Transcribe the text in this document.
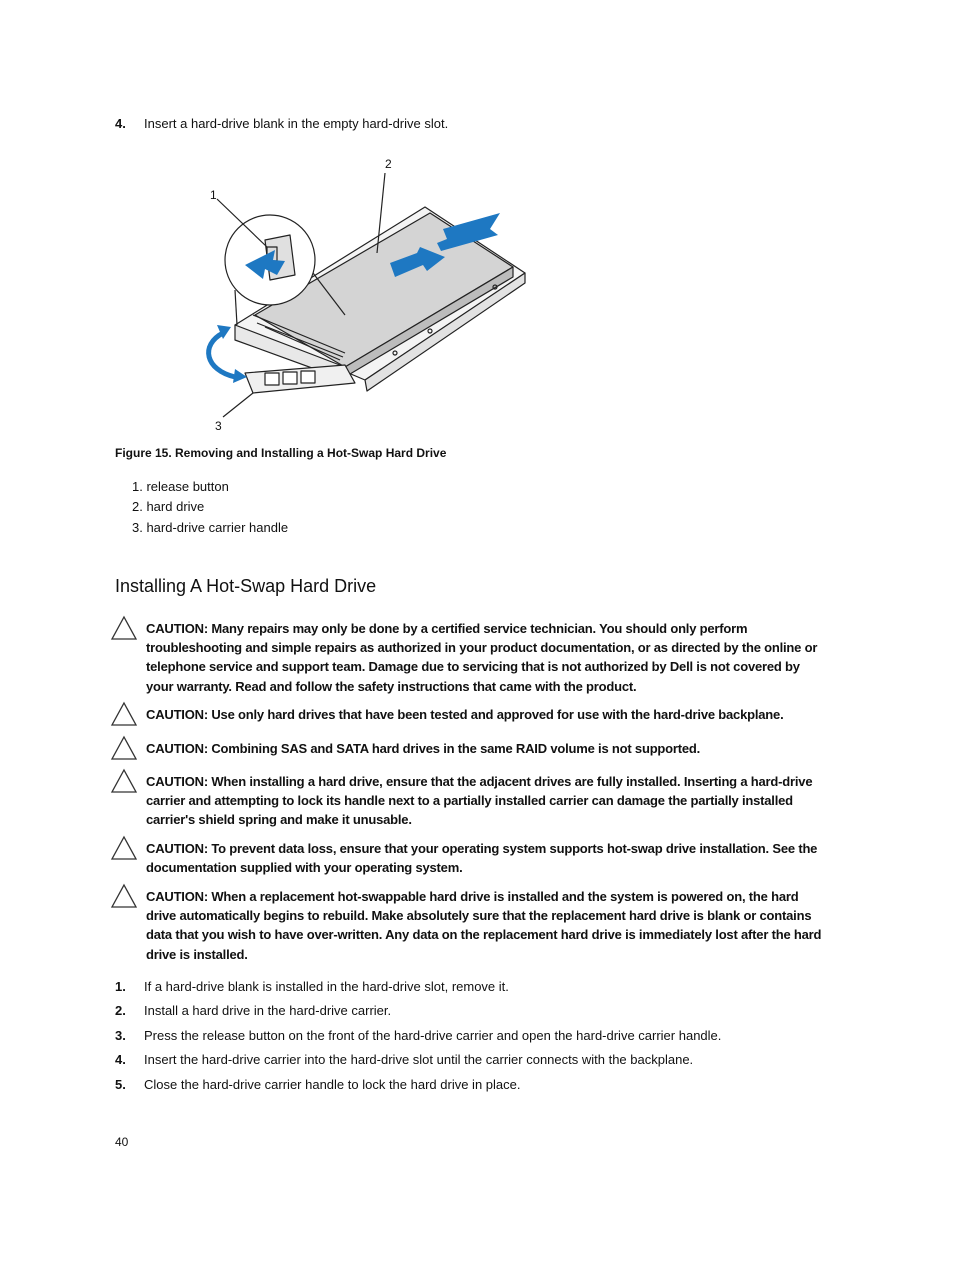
4. Insert a hard-drive blank in the empty hard-drive slot.
1
2
3
Figure 15. Removing and Installing a Hot-Swap Hard Drive
1. release button
2. hard drive
3. hard-drive carrier handle
Installing A Hot-Swap Hard Drive
CAUTION: Many repairs may only be done by a certified service technician. You should only perform troubleshooting and simple repairs as authorized in your product documentation, or as directed by the online or telephone service and support team. Damage due to servicing that is not authorized by Dell is not covered by your warranty. Read and follow the safety instructions that came with the product.
CAUTION: Use only hard drives that have been tested and approved for use with the hard-drive backplane.
CAUTION: Combining SAS and SATA hard drives in the same RAID volume is not supported.
CAUTION: When installing a hard drive, ensure that the adjacent drives are fully installed. Inserting a hard-drive carrier and attempting to lock its handle next to a partially installed carrier can damage the partially installed carrier's shield spring and make it unusable.
CAUTION: To prevent data loss, ensure that your operating system supports hot-swap drive installation. See the documentation supplied with your operating system.
CAUTION: When a replacement hot-swappable hard drive is installed and the system is powered on, the hard drive automatically begins to rebuild. Make absolutely sure that the replacement hard drive is blank or contains data that you wish to have over-written. Any data on the replacement hard drive is immediately lost after the hard drive is installed.
1. If a hard-drive blank is installed in the hard-drive slot, remove it.
2. Install a hard drive in the hard-drive carrier.
3. Press the release button on the front of the hard-drive carrier and open the hard-drive carrier handle.
4. Insert the hard-drive carrier into the hard-drive slot until the carrier connects with the backplane.
5. Close the hard-drive carrier handle to lock the hard drive in place.
40
